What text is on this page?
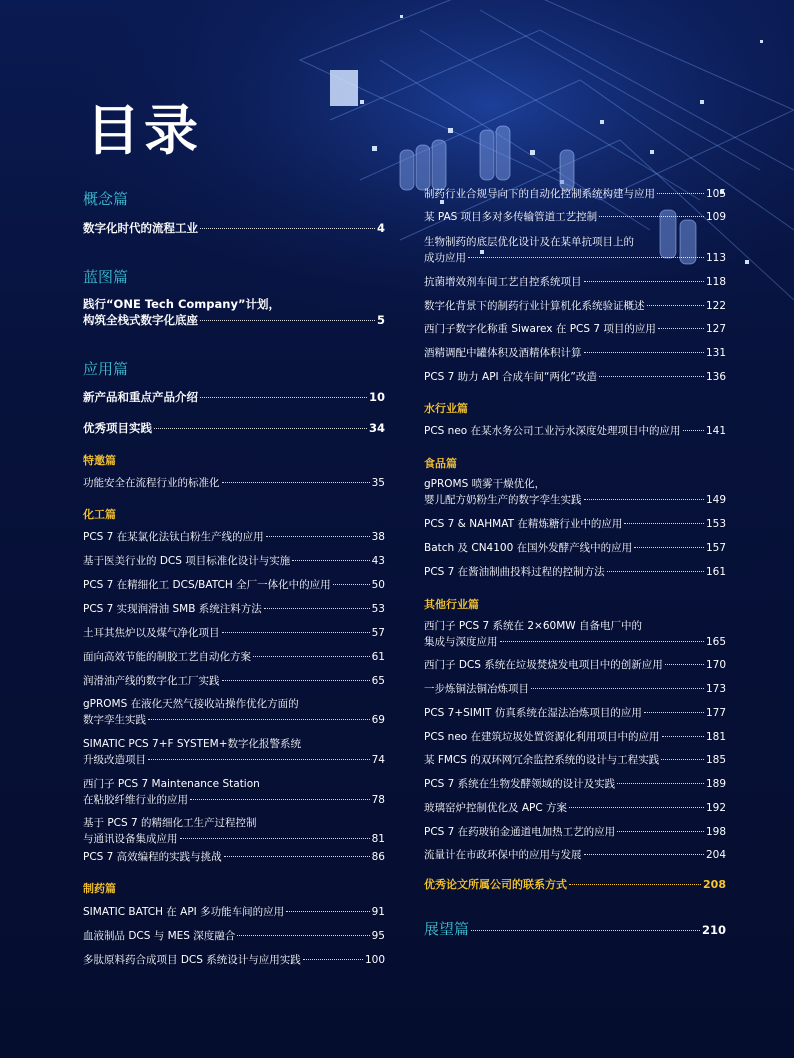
目录
概念篇
数字化时代的流程工业	4
蓝图篇
践行“ONE Tech Company”计划，
构筑全栈式数字化底座	5
应用篇
新产品和重点产品介绍	10
优秀项目实践	34
特邀篇
功能安全在流程行业的标准化	35
化工篇
PCS 7 在某氯化法钛白粉生产线的应用	38
基于医美行业的 DCS 项目标准化设计与实施	43
PCS 7 在精细化工 DCS/BATCH 全厂一体化中的应用	50
PCS 7 实现润滑油 SMB 系统注料方法	53
土耳其焦炉以及煤气净化项目	57
面向高效节能的制胶工艺自动化方案	61
润滑油产线的数字化工厂实践	65
gPROMS 在液化天然气接收站操作优化方面的
数字孪生实践	69
SIMATIC PCS 7+F SYSTEM+数字化报警系统
升级改造项目	74
西门子 PCS 7 Maintenance Station
在粘胶纤维行业的应用	78
基于 PCS 7 的精细化工生产过程控制
与通讯设备集成应用	81
PCS 7 高效编程的实践与挑战	86
制药篇
SIMATIC BATCH 在 API 多功能车间的应用	91
血液制品 DCS 与 MES 深度融合	95
多肽原料药合成项目 DCS 系统设计与应用实践	100
制药行业合规导向下的自动化控制系统构建与应用	105
某 PAS 项目多对多传输管道工艺控制	109
生物制药的底层优化设计及在某单抗项目上的
成功应用	113
抗菌增效剂车间工艺自控系统项目	118
数字化背景下的制药行业计算机化系统验证概述	122
西门子数字化称重 Siwarex 在 PCS 7 项目的应用	127
酒精调配中罐体积及酒精体积计算	131
PCS 7 助力 API 合成车间“两化”改造	136
水行业篇
PCS neo 在某水务公司工业污水深度处理项目中的应用 141
食品篇
gPROMS 喷雾干燥优化，
婴儿配方奶粉生产的数字孪生实践	149
PCS 7 & NAHMAT 在精炼糖行业中的应用	153
Batch 及 CN4100 在国外发酵产线中的应用	157
PCS 7 在酱油制曲投料过程的控制方法	161
其他行业篇
西门子 PCS 7 系统在 2×60MW 自备电厂中的
集成与深度应用	165
西门子 DCS 系统在垃圾焚烧发电项目中的创新应用	170
一步炼铜法铜冶炼项目	173
PCS 7+SIMIT 仿真系统在湿法冶炼项目的应用	177
PCS neo 在建筑垃圾处置资源化利用项目中的应用	181
某 FMCS 的双环网冗余监控系统的设计与工程实践	185
PCS 7 系统在生物发酵领域的设计及实践	189
玻璃窑炉控制优化及 APC 方案	192
PCS 7 在药玻铂金通道电加热工艺的应用	198
流量计在市政环保中的应用与发展	204
优秀论文所属公司的联系方式	208
展望篇	210
